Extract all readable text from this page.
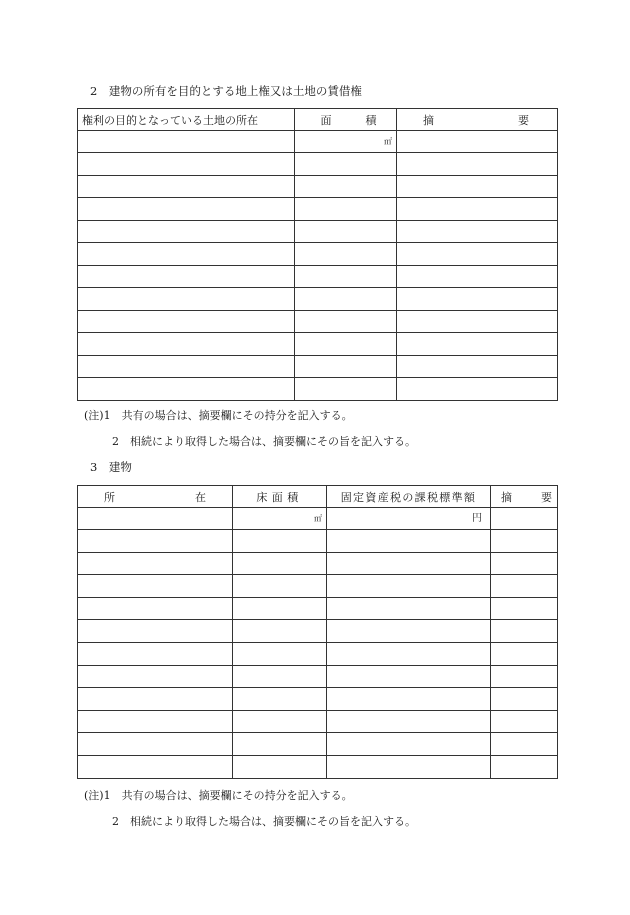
2　建物の所有を目的とする地上権又は土地の賃借権
権利の目的となっている土地の所在	面 積	摘 要

	㎡	

(注)1　共有の場合は、摘要欄にその持分を記入する。
2　相続により取得した場合は、摘要欄にその旨を記入する。
3　建物
所 在	床面積	固定資産税の課税標準額	摘 要

	㎡	円	

(注)1　共有の場合は、摘要欄にその持分を記入する。
2　相続により取得した場合は、摘要欄にその旨を記入する。
